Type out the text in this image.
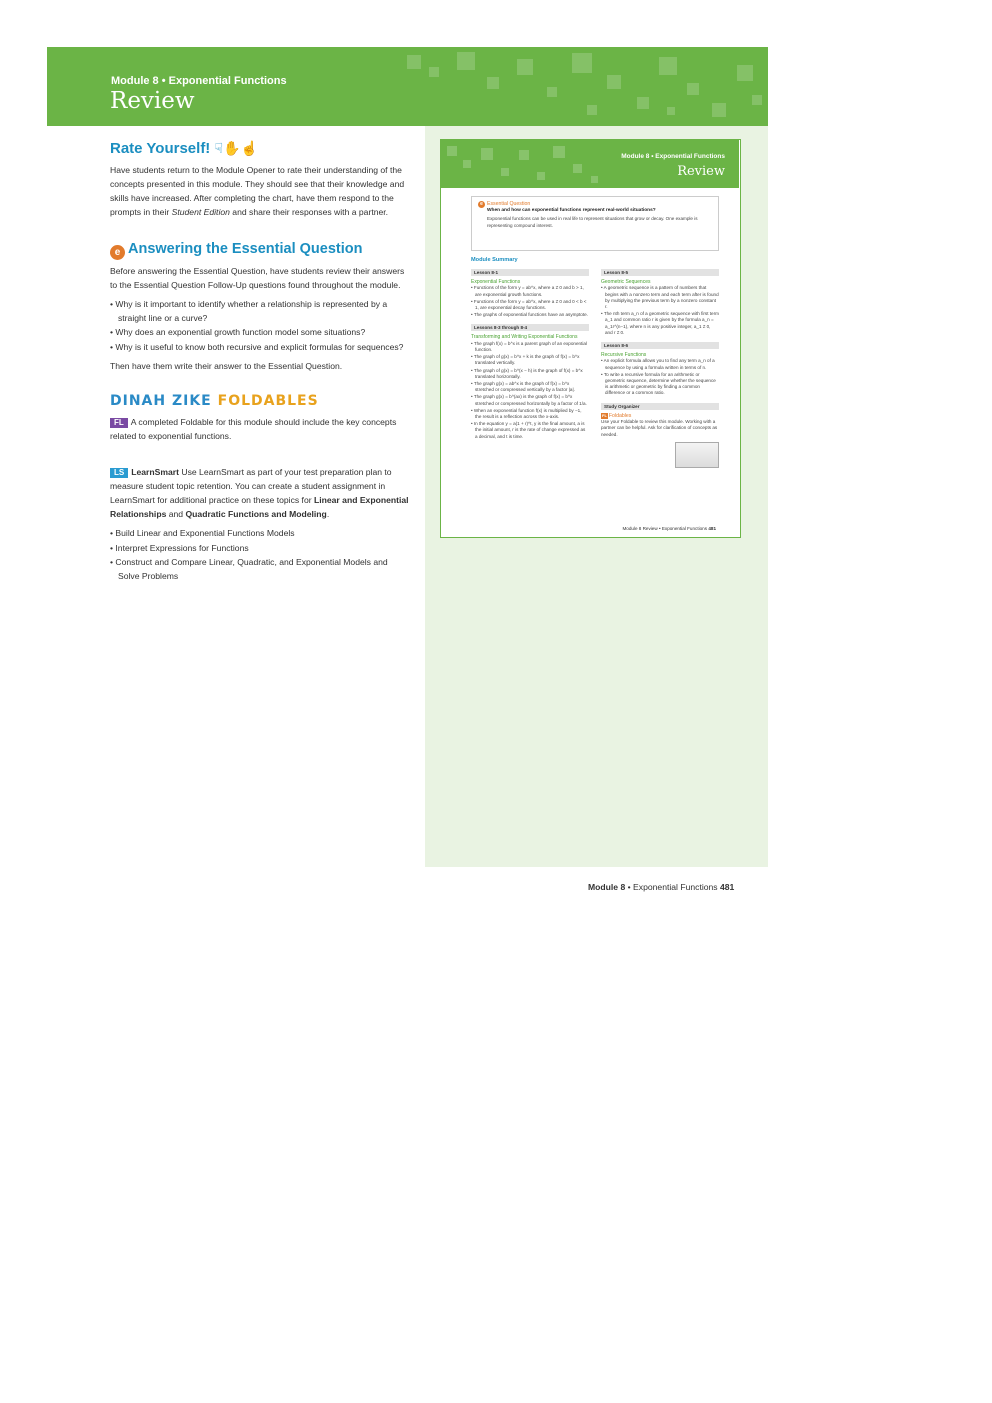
Module 8 • Exponential Functions
Review
Rate Yourself! ☟✋☝

Have students return to the Module Opener to rate their understanding of the concepts presented in this module. They should see that their knowledge and skills have increased. After completing the chart, have them respond to the prompts in their Student Edition and share their responses with a partner.

e Answering the Essential Question

Before answering the Essential Question, have students review their answers to the Essential Question Follow-Up questions found throughout the module.

• Why is it important to identify whether a relationship is represented by a straight line or a curve?
• Why does an exponential growth function model some situations?
• Why is it useful to know both recursive and explicit formulas for sequences?

Then have them write their answer to the Essential Question.

DINAH ZIKE FOLDABLES

FL A completed Foldable for this module should include the key concepts related to exponential functions.

LS LearnSmart Use LearnSmart as part of your test preparation plan to measure student topic retention. You can create a student assignment in LearnSmart for additional practice on these topics for Linear and Exponential Relationships and Quadratic Functions and Modeling.

• Build Linear and Exponential Functions Models
• Interpret Expressions for Functions
• Construct and Compare Linear, Quadratic, and Exponential Models and Solve Problems
Module 8 • Exponential Functions
Review
e Essential Question
When and how can exponential functions represent real-world situations?
Exponential functions can be used in real life to represent situations that grow or decay. One example is representing compound interest.
Module Summary
Lesson 8-1
Exponential Functions
• Functions of the form y = ab^x, where a ≠ 0 and b > 1, are exponential growth functions.
• Functions of the form y = ab^x, where a ≠ 0 and 0 < b < 1, are exponential decay functions.
• The graphs of exponential functions have an asymptote.
Lessons 8-3 through 8-4
Transforming and Writing Exponential Functions
• The graph f(x) = b^x is a parent graph of an exponential function.
• The graph of g(x) = b^x + k is the graph of f(x) = b^x translated vertically.
• The graph of g(x) = b^(x − h) is the graph of f(x) = b^x translated horizontally.
• The graph g(x) = ab^x is the graph of f(x) = b^x stretched or compressed vertically by a factor |a|.
• The graph g(x) = b^(ax) is the graph of f(x) = b^x stretched or compressed horizontally by a factor of 1/a.
• When an exponential function f(x) is multiplied by −1, the result is a reflection across the x-axis.
• In the equation y = a(1 + r)^t, y is the final amount, a is the initial amount, r is the rate of change expressed as a decimal, and t is time.
Lesson 8-5
Geometric Sequences
• A geometric sequence is a pattern of numbers that begins with a nonzero term and each term after is found by multiplying the previous term by a nonzero constant r.
• The nth term a_n of a geometric sequence with first term a_1 and common ratio r is given by the formula a_n = a_1r^(n−1), where n is any positive integer, a_1 ≠ 0, and r ≠ 0.
Lesson 8-6
Recursive Functions
• An explicit formula allows you to find any term a_n of a sequence by using a formula written in terms of n.
• To write a recursive formula for an arithmetic or geometric sequence, determine whether the sequence is arithmetic or geometric by finding a common difference or a common ratio.
Study Organizer
FL Foldables
Use your Foldable to review this module. Working with a partner can be helpful. Ask for clarification of concepts as needed.
Module 8 Review • Exponential Functions 481
Module 8 • Exponential Functions 481
